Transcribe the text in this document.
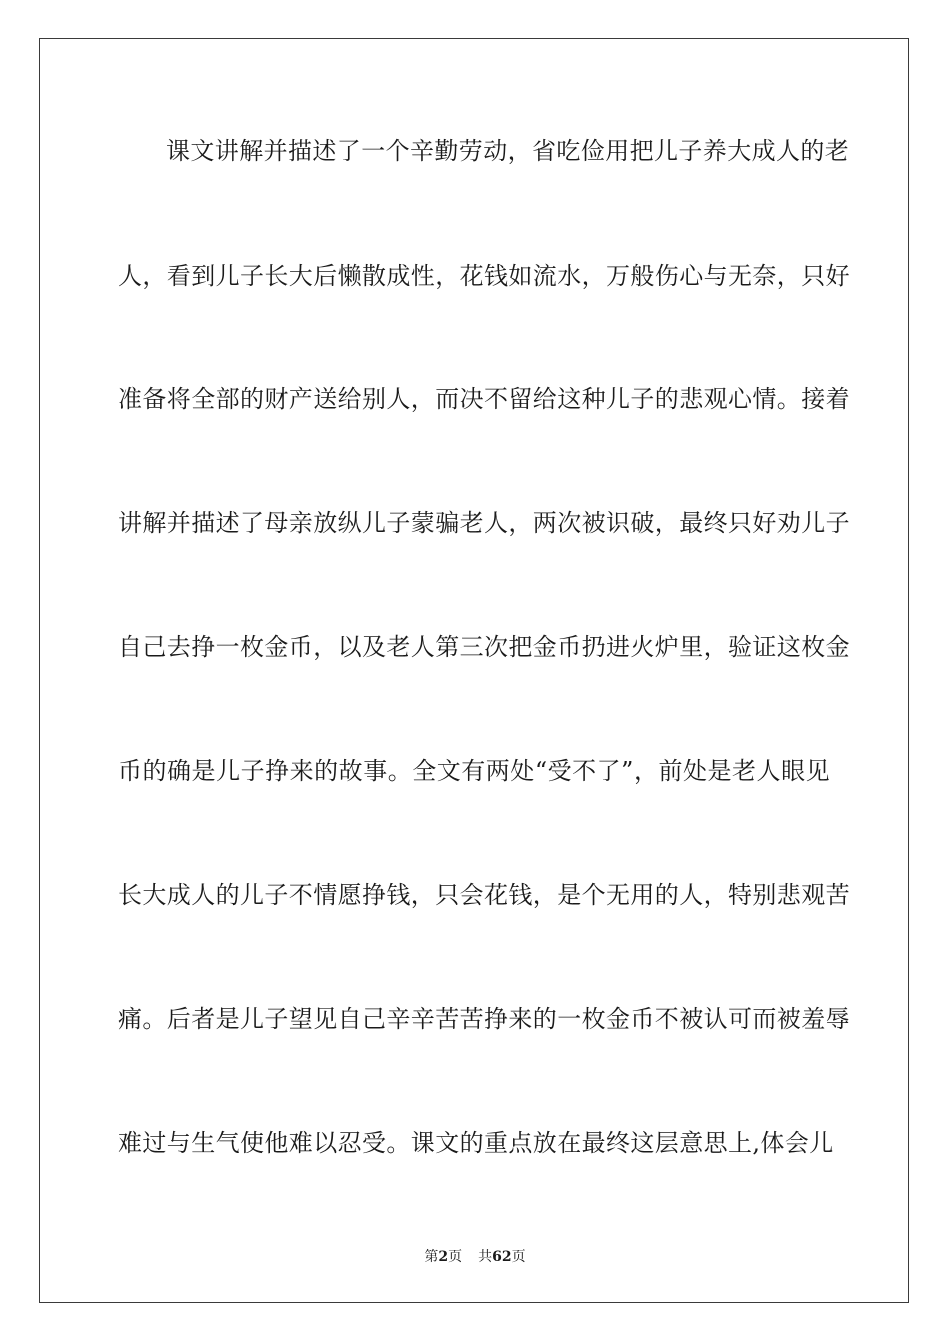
课文讲解并描述了一个辛勤劳动，省吃俭用把儿子养大成人的老
人，看到儿子长大后懒散成性，花钱如流水，万般伤心与无奈，只好
准备将全部的财产送给别人，而决不留给这种儿子的悲观心情。接着
讲解并描述了母亲放纵儿子蒙骗老人，两次被识破，最终只好劝儿子
自己去挣一枚金币，以及老人第三次把金币扔进火炉里，验证这枚金
币的确是儿子挣来的故事。全文有两处“受不了”，前处是老人眼见
长大成人的儿子不情愿挣钱，只会花钱，是个无用的人，特别悲观苦
痛。后者是儿子望见自己辛辛苦苦挣来的一枚金币不被认可而被羞辱
难过与生气使他难以忍受。课文的重点放在最终这层意思上,体会儿
第2页 共62页
